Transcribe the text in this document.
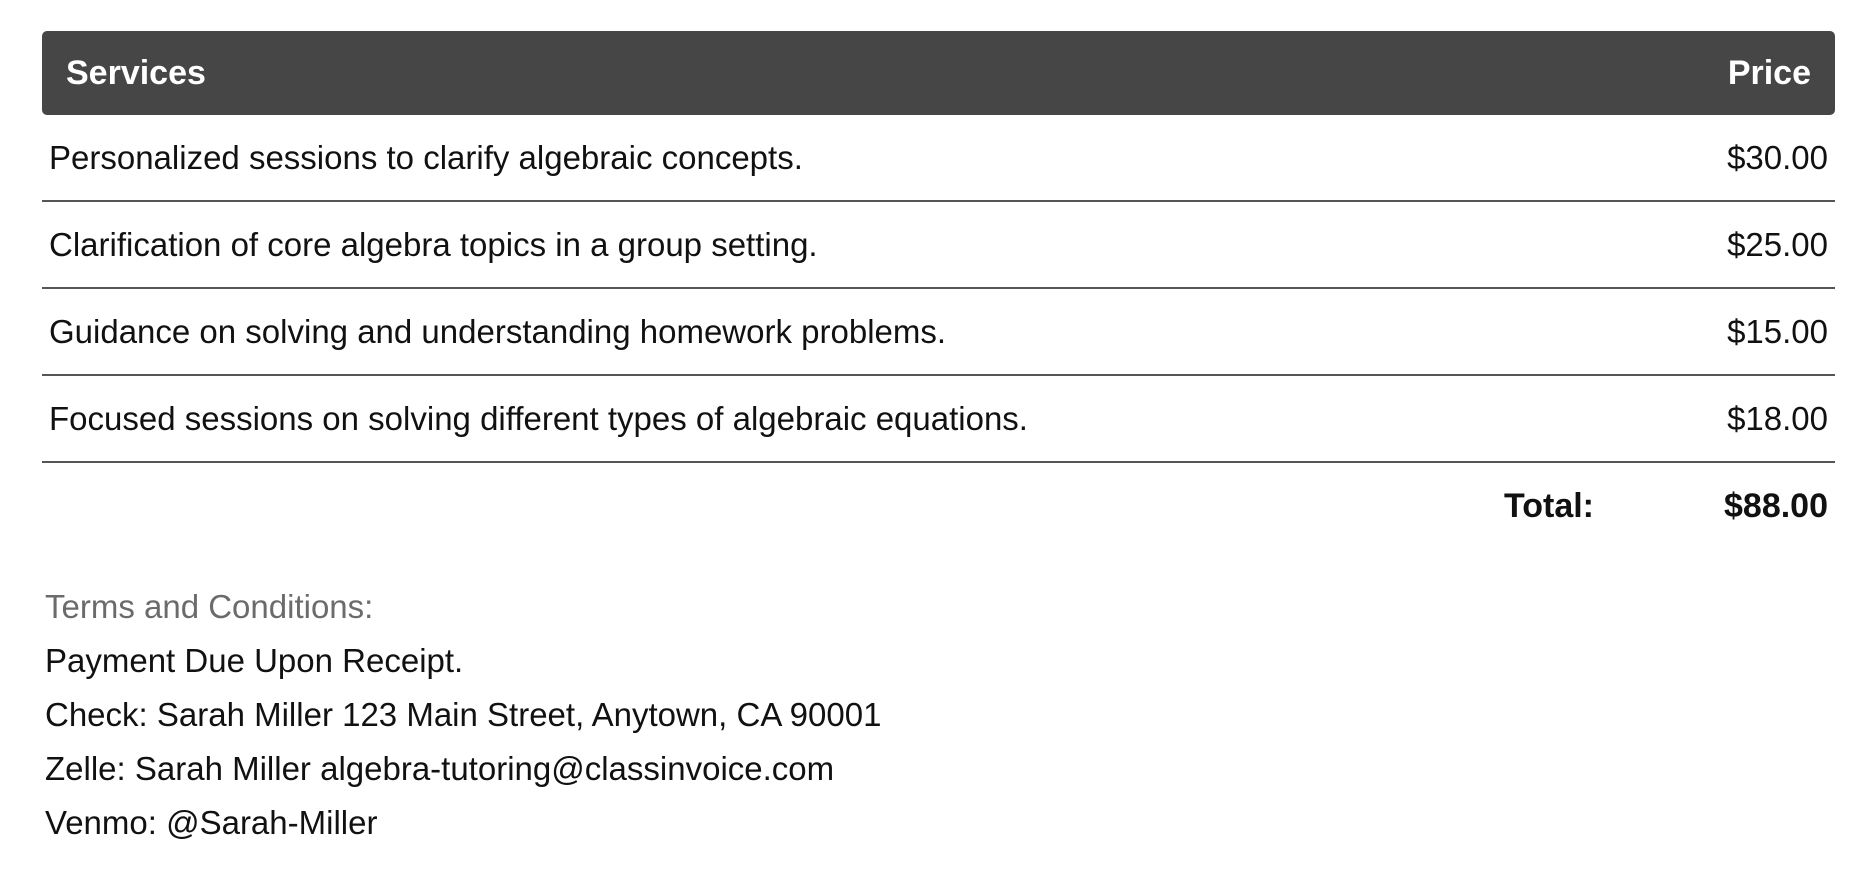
Services	Price
Personalized sessions to clarify algebraic concepts.	$30.00
Clarification of core algebra topics in a group setting.	$25.00
Guidance on solving and understanding homework problems.	$15.00
Focused sessions on solving different types of algebraic equations.	$18.00
Total:	$88.00
Terms and Conditions:
Payment Due Upon Receipt.
Check: Sarah Miller 123 Main Street, Anytown, CA 90001
Zelle: Sarah Miller algebra-tutoring@classinvoice.com
Venmo: @Sarah-Miller
